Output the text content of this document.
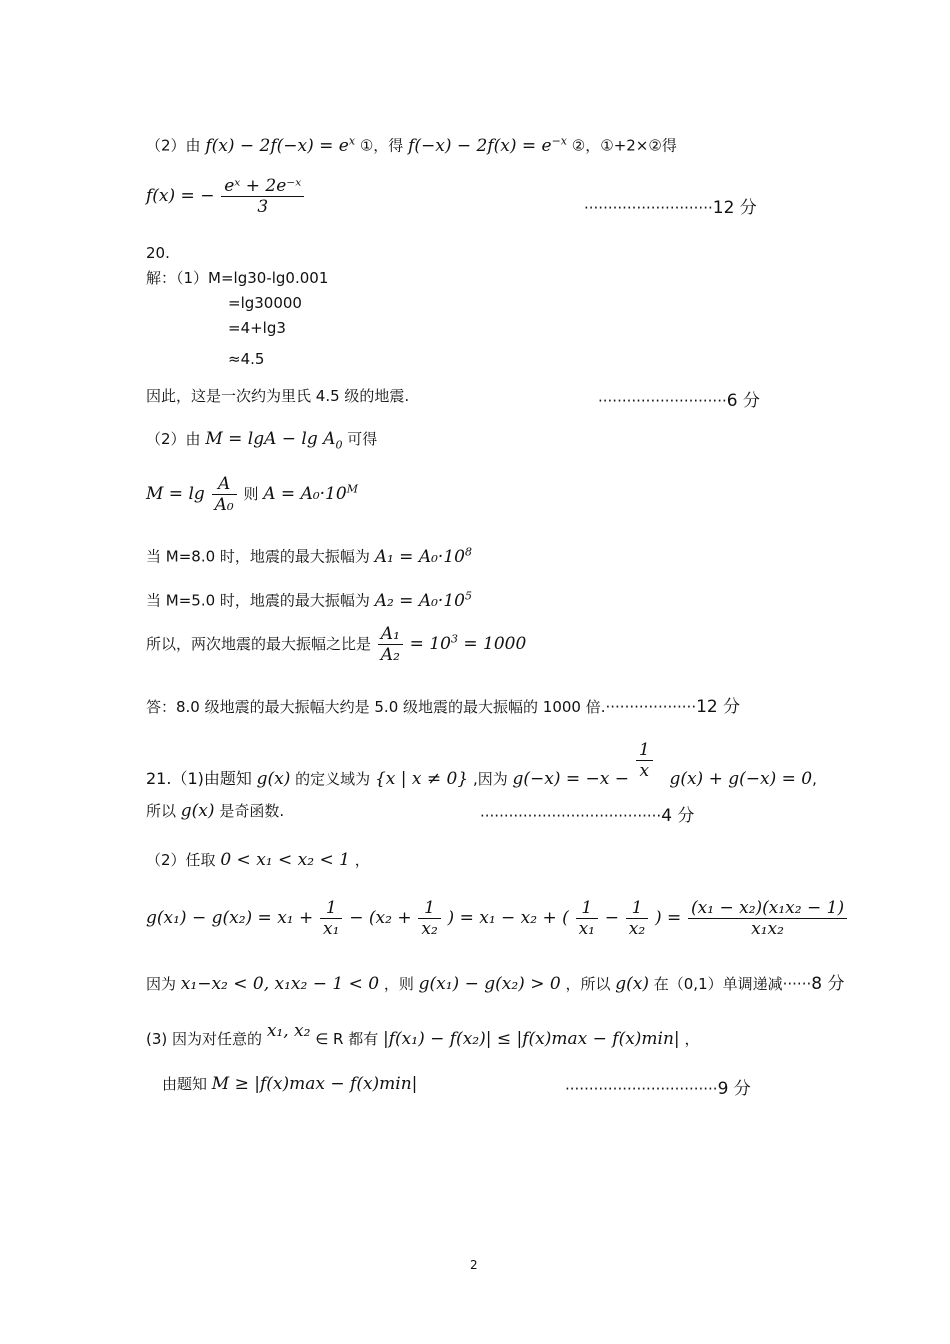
（2）由 $f(x) - 2f(-x) = e^x$ ①，得 $f(-x) - 2f(x) = e^{-x}$ ②，①+2×②得
f(x) = − $\frac{\text{eˣ + 2e⁻ˣ}}{3}$	···························12 分
20.
解：（1）M=lg30-lg0.001
=lg30000
=4+lg3
≈4.5
因此，这是一次约为里氏 4.5 级的地震.	···························6 分
（2）由 $M = \lg A - \lg A_0$ 可得
$M = \lg \frac{A}{\text{A₀}}$ 则 $A = A_0\cdot 10^M$
当 M=8.0 时，地震的最大振幅为 $A_1 = A_0\cdot 10^8$
当 M=5.0 时，地震的最大振幅为 $A_2 = A_0\cdot 10^5$
所以，两次地震的最大振幅之比是 $\frac{\text{A₁}}{\text{A₂}} = 10^3 = 1000$
答：8.0 级地震的最大振幅大约是 5.0 级地震的最大振幅的 1000 倍.···················12 分
21.（1)由题知 g(x) 的定义域为 {x | x ≠ 0} ,因为 $g(-x) = -x - \frac{1}{x} g(x) + g(-x) = 0$,
所以 g(x) 是奇函数.	······································4 分
（2）任取 0 < x₁ < x₂ < 1 ，
$g(x_1) - g(x_2) = x_1 + \frac{1}{\text{x₁}} - (x_2 + \frac{1}{\text{x₂}}$ ) = x₁ − x₂ + ( $\frac{1}{\text{x₁}} - \frac{1}{\text{x₂}}$ ) = $\frac{\text{(x₁ − x₂)(x₁x₂ − 1)}}{\text{x₁x₂}}$
因为 x₁−x₂ < 0, x₁x₂ − 1 < 0 ，则 g(x₁) − g(x₂) > 0 ，所以 g(x) 在（0,1）单调递减······8 分
(3) 因为对任意的 x₁, x₂ ∈ R 都有 |f(x₁) − f(x₂)| ≤ |f(x)max − f(x)min| ，
由题知 M ≥ |f(x)max − f(x)min|	································9 分
2
